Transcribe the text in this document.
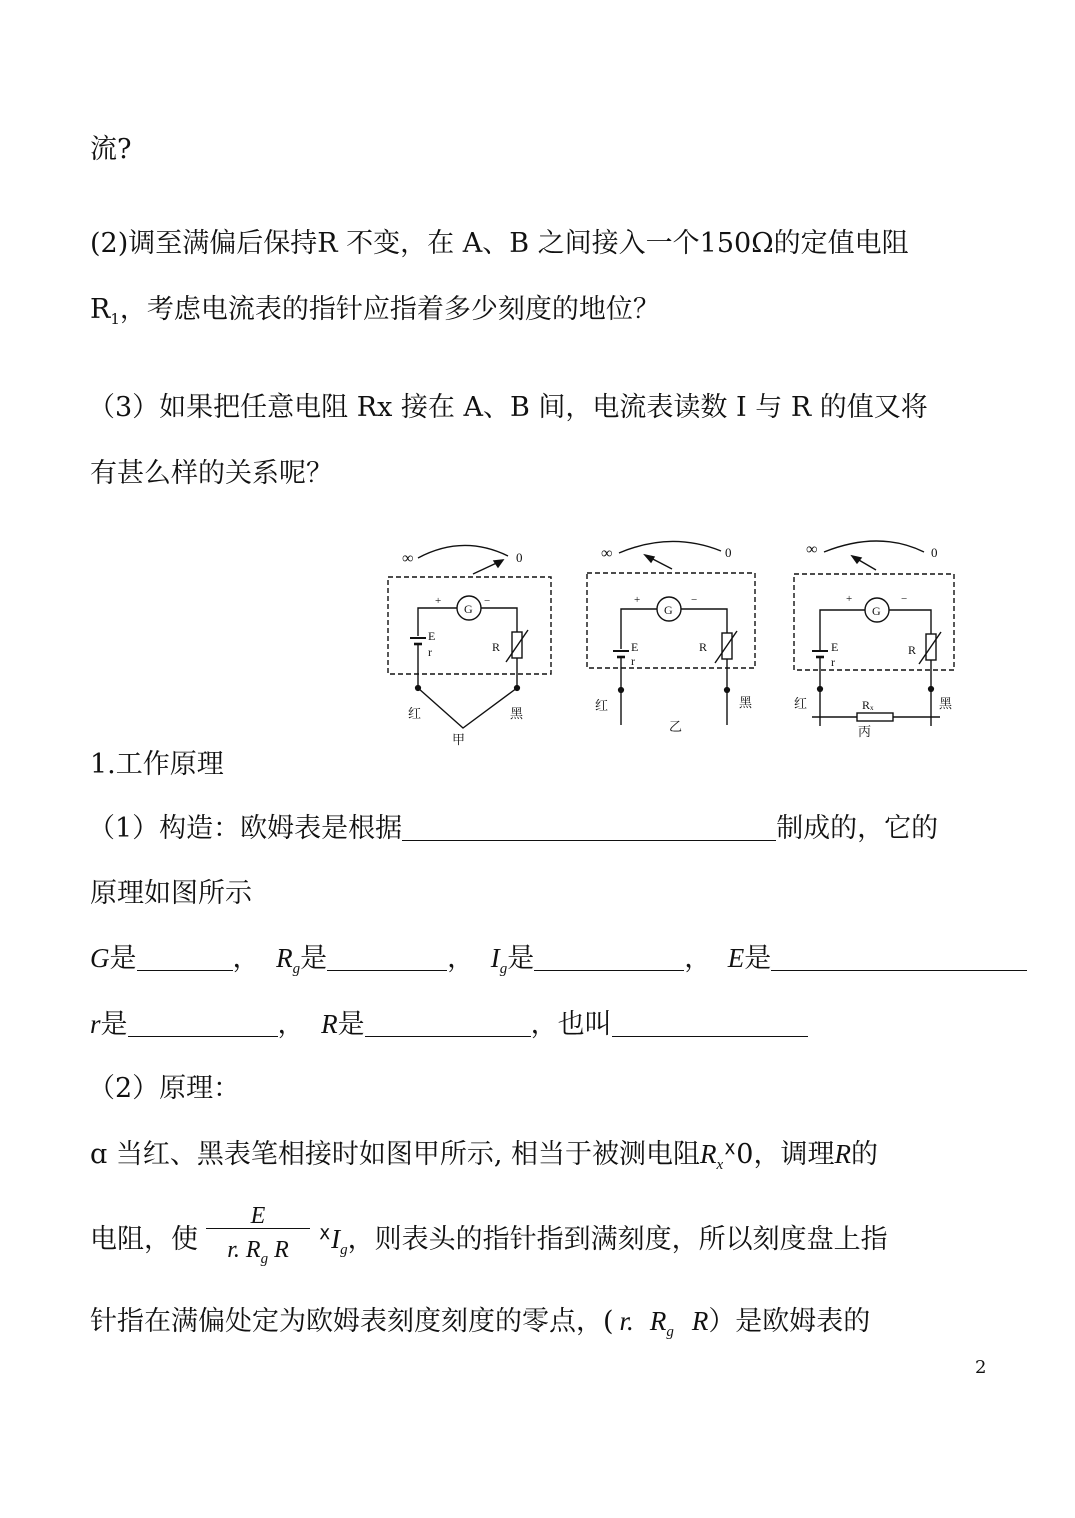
流?
(2)调至满偏后保持R 不变，在 A、B 之间接入一个150Ω的定值电阻
$R_1$，考虑电流表的指针应指着多少刻度的地位？
（3）如果把任意电阻 Rx 接在 A、B 间，电流表读数 I 与 R 的值又将
有甚么样的关系呢？
∞	0
+	−
G
E
r	R
红	黑
甲
∞	0
+	−
G
E
r
R
红	黑
乙
∞	0
+	−
G
E
r
R
红	黑
Rₓ
丙
1.工作原理
（1）构造：欧姆表是根据	制成的，它的
原理如图所示
G是	， $R_g$是	， $I_g$是	， E是
r是	， R是	，也叫
（2）原理：
ɑ 当红、黑表笔相接时如图甲所示, 相当于被测电阻$R_xᕁ0$，调理R的
电阻，使 $\frac{E}{r. R_g R}$ ᕁI$_g$，则表头的指针指到满刻度，所以刻度盘上指
针指在满偏处定为欧姆表刻度刻度的零点，( r. $R_g$ R）是欧姆表的
2
